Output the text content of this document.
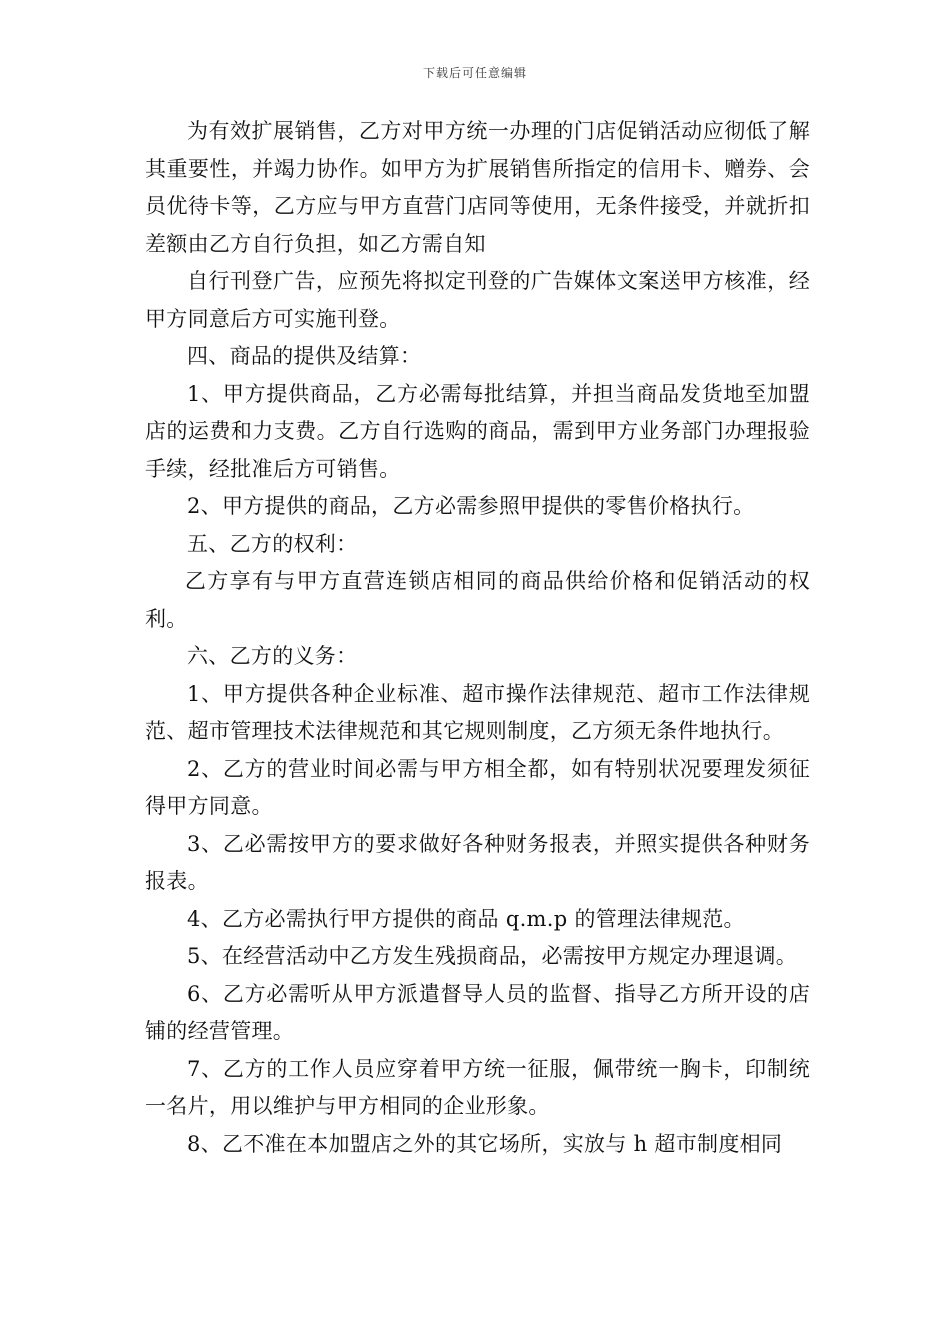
下载后可任意编辑

为有效扩展销售，乙方对甲方统一办理的门店促销活动应彻低了解其重要性，并竭力协作。如甲方为扩展销售所指定的信用卡、赠券、会员优待卡等，乙方应与甲方直营门店同等使用，无条件接受，并就折扣差额由乙方自行负担，如乙方需自知

自行刊登广告，应预先将拟定刊登的广告媒体文案送甲方核准，经甲方同意后方可实施刊登。

四、商品的提供及结算：

1、甲方提供商品，乙方必需每批结算，并担当商品发货地至加盟店的运费和力支费。乙方自行选购的商品，需到甲方业务部门办理报验手续，经批准后方可销售。

2、甲方提供的商品，乙方必需参照甲提供的零售价格执行。

五、乙方的权利：

乙方享有与甲方直营连锁店相同的商品供给价格和促销活动的权利。

六、乙方的义务：

1、甲方提供各种企业标准、超市操作法律规范、超市工作法律规范、超市管理技术法律规范和其它规则制度，乙方须无条件地执行。

2、乙方的营业时间必需与甲方相全都，如有特别状况要理发须征得甲方同意。

3、乙必需按甲方的要求做好各种财务报表，并照实提供各种财务报表。

4、乙方必需执行甲方提供的商品 q.m.p 的管理法律规范。

5、在经营活动中乙方发生残损商品，必需按甲方规定办理退调。

6、乙方必需听从甲方派遣督导人员的监督、指导乙方所开设的店铺的经营管理。

7、乙方的工作人员应穿着甲方统一征服，佩带统一胸卡，印制统一名片，用以维护与甲方相同的企业形象。

8、乙不准在本加盟店之外的其它场所，实放与 h 超市制度相同
